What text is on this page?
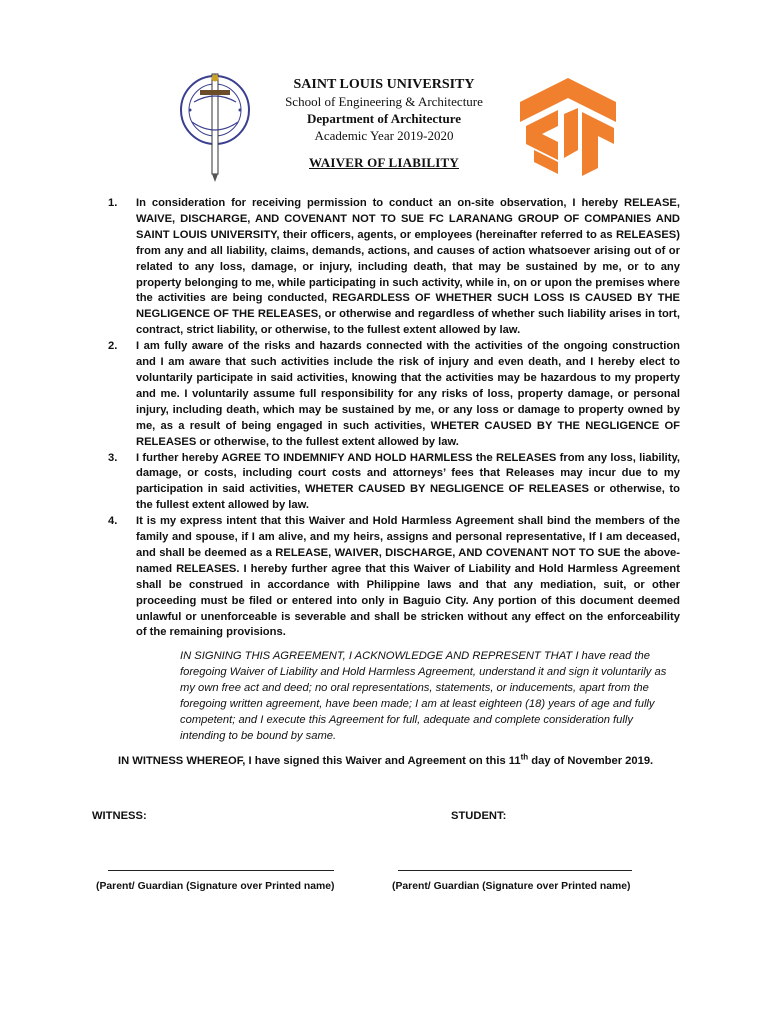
SAINT LOUIS UNIVERSITY
School of Engineering & Architecture
Department of Architecture
Academic Year 2019-2020
WAIVER OF LIABILITY
1. In consideration for receiving permission to conduct an on-site observation, I hereby RELEASE, WAIVE, DISCHARGE, AND COVENANT NOT TO SUE FC LARANANG GROUP OF COMPANIES AND SAINT LOUIS UNIVERSITY, their officers, agents, or employees (hereinafter referred to as RELEASES) from any and all liability, claims, demands, actions, and causes of action whatsoever arising out of or related to any loss, damage, or injury, including death, that may be sustained by me, or to any property belonging to me, while participating in such activity, while in, on or upon the premises where the activities are being conducted, REGARDLESS OF WHETHER SUCH LOSS IS CAUSED BY THE NEGLIGENCE OF THE RELEASES, or otherwise and regardless of whether such liability arises in tort, contract, strict liability, or otherwise, to the fullest extent allowed by law.
2. I am fully aware of the risks and hazards connected with the activities of the ongoing construction and I am aware that such activities include the risk of injury and even death, and I hereby elect to voluntarily participate in said activities, knowing that the activities may be hazardous to my property and me. I voluntarily assume full responsibility for any risks of loss, property damage, or personal injury, including death, which may be sustained by me, or any loss or damage to property owned by me, as a result of being engaged in such activities, WHETER CAUSED BY THE NEGLIGENCE OF RELEASES or otherwise, to the fullest extent allowed by law.
3. I further hereby AGREE TO INDEMNIFY AND HOLD HARMLESS the RELEASES from any loss, liability, damage, or costs, including court costs and attorneys’ fees that Releases may incur due to my participation in said activities, WHETER CAUSED BY NEGLIGENCE OF RELEASES or otherwise, to the fullest extent allowed by law.
4. It is my express intent that this Waiver and Hold Harmless Agreement shall bind the members of the family and spouse, if I am alive, and my heirs, assigns and personal representative, If I am deceased, and shall be deemed as a RELEASE, WAIVER, DISCHARGE, AND COVENANT NOT TO SUE the above-named RELEASES. I hereby further agree that this Waiver of Liability and Hold Harmless Agreement shall be construed in accordance with Philippine laws and that any mediation, suit, or other proceeding must be filed or entered into only in Baguio City. Any portion of this document deemed unlawful or unenforceable is severable and shall be stricken without any effect on the enforceability of the remaining provisions.
IN SIGNING THIS AGREEMENT, I ACKNOWLEDGE AND REPRESENT THAT I have read the foregoing Waiver of Liability and Hold Harmless Agreement, understand it and sign it voluntarily as my own free act and deed; no oral representations, statements, or inducements, apart from the foregoing written agreement, have been made; I am at least eighteen (18) years of age and fully competent; and I execute this Agreement for full, adequate and complete consideration fully intending to be bound by same.
IN WITNESS WHEREOF, I have signed this Waiver and Agreement on this 11th day of November 2019.
WITNESS:	STUDENT:
(Parent/ Guardian (Signature over Printed name)	(Parent/ Guardian (Signature over Printed name)
